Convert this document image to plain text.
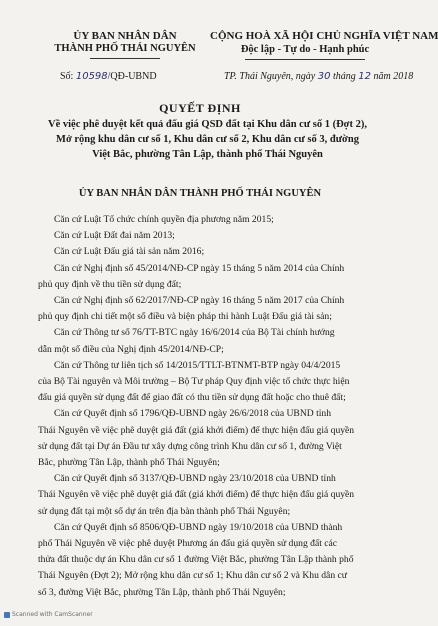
ỦY BAN NHÂN DÂN
THÀNH PHỐ THÁI NGUYÊN
CỘNG HOÀ XÃ HỘI CHỦ NGHĨA VIỆT NAM
Độc lập - Tự do - Hạnh phúc
Số: 10598/QĐ-UBND	TP. Thái Nguyên, ngày 30 tháng 12 năm 2018
QUYẾT ĐỊNH
Về việc phê duyệt kết quả đấu giá QSD đất tại Khu dân cư số 1 (Đợt 2),
Mở rộng khu dân cư số 1, Khu dân cư số 2, Khu dân cư số 3, đường
Việt Bắc, phường Tân Lập, thành phố Thái Nguyên
ỦY BAN NHÂN DÂN THÀNH PHỐ THÁI NGUYÊN
Căn cứ Luật Tổ chức chính quyền địa phương năm 2015;
Căn cứ Luật Đất đai năm 2013;
Căn cứ Luật Đấu giá tài sản năm 2016;
Căn cứ Nghị định số 45/2014/NĐ-CP ngày 15 tháng 5 năm 2014 của Chính
phủ quy định về thu tiền sử dụng đất;
Căn cứ Nghị định số 62/2017/NĐ-CP ngày 16 tháng 5 năm 2017 của Chính
phủ quy định chi tiết một số điều và biện pháp thi hành Luật Đấu giá tài sản;
Căn cứ Thông tư số 76/TT-BTC ngày 16/6/2014 của Bộ Tài chính hướng
dẫn một số điều của Nghị định 45/2014/NĐ-CP;
Căn cứ Thông tư liên tịch số 14/2015/TTLT-BTNMT-BTP ngày 04/4/2015
của Bộ Tài nguyên và Môi trường – Bộ Tư pháp Quy định việc tổ chức thực hiện
đấu giá quyền sử dụng đất để giao đất có thu tiền sử dụng đất hoặc cho thuê đất;
Căn cứ Quyết định số 1796/QĐ-UBND ngày 26/6/2018 của UBND tỉnh
Thái Nguyên về việc phê duyệt giá đất (giá khởi điểm) để thực hiện đấu giá quyền
sử dụng đất tại Dự án Đầu tư xây dựng công trình Khu dân cư số 1, đường Việt
Bắc, phường Tân Lập, thành phố Thái Nguyên;
Căn cứ Quyết định số 3137/QĐ-UBND ngày 23/10/2018 của UBND tỉnh
Thái Nguyên về việc phê duyệt giá đất (giá khởi điểm) để thực hiện đấu giá quyền
sử dụng đất tại một số dự án trên địa bàn thành phố Thái Nguyên;
Căn cứ Quyết định số 8506/QĐ-UBND ngày 19/10/2018 của UBND thành
phố Thái Nguyên về việc phê duyệt Phương án đấu giá quyền sử dụng đất các
thửa đất thuộc dự án Khu dân cư số 1 đường Việt Bắc, phường Tân Lập thành phố
Thái Nguyên (Đợt 2); Mở rộng khu dân cư số 1; Khu dân cư số 2 và Khu dân cư
số 3, đường Việt Bắc, phường Tân Lập, thành phố Thái Nguyên;
Scanned with CamScanner
